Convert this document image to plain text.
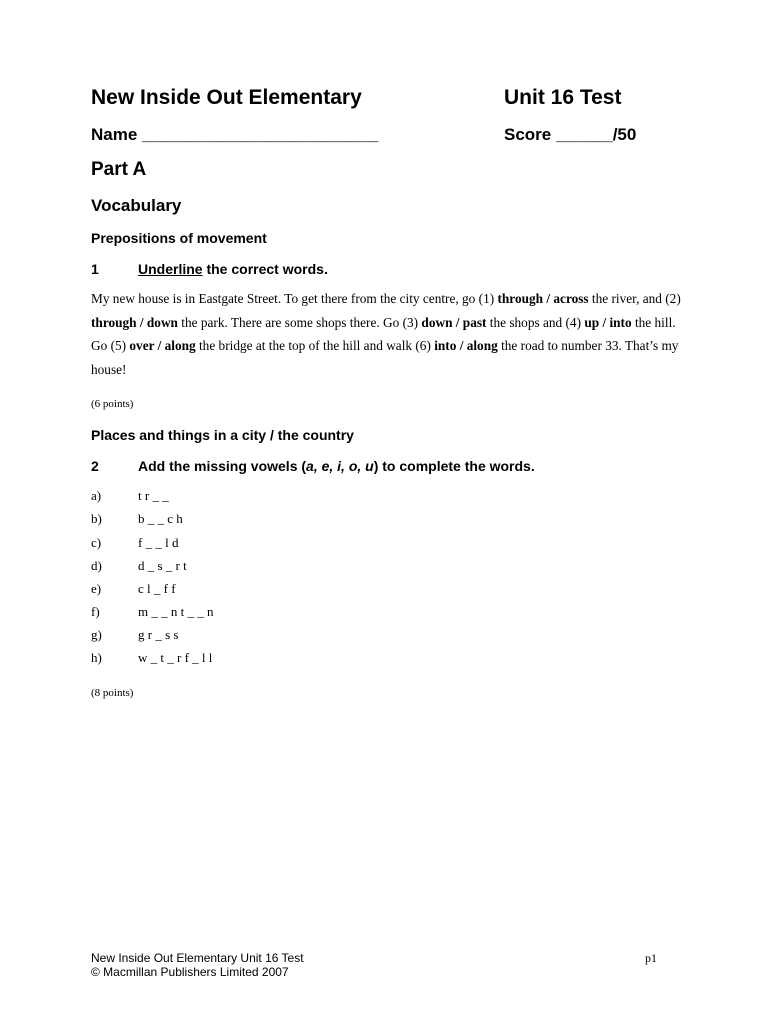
New Inside Out Elementary	Unit 16 Test
Name _________________________	Score ______/50
Part A
Vocabulary
Prepositions of movement
1	Underline the correct words.
My new house is in Eastgate Street. To get there from the city centre, go (1) through / across the river, and (2) through / down the park. There are some shops there. Go (3) down / past the shops and (4) up / into the hill. Go (5) over / along the bridge at the top of the hill and walk (6) into / along the road to number 33. That’s my house!
(6 points)
Places and things in a city / the country
2	Add the missing vowels (a, e, i, o, u) to complete the words.
a)	t r _ _
b)	b _ _ c h
c)	f _ _ l d
d)	d _ s _ r t
e)	c l _ f f
f)	m _ _ n t _ _ n
g)	g r _ s s
h)	w _ t _ r f _ l l
(8 points)
New Inside Out Elementary Unit 16 Test
© Macmillan Publishers Limited 2007
p1
